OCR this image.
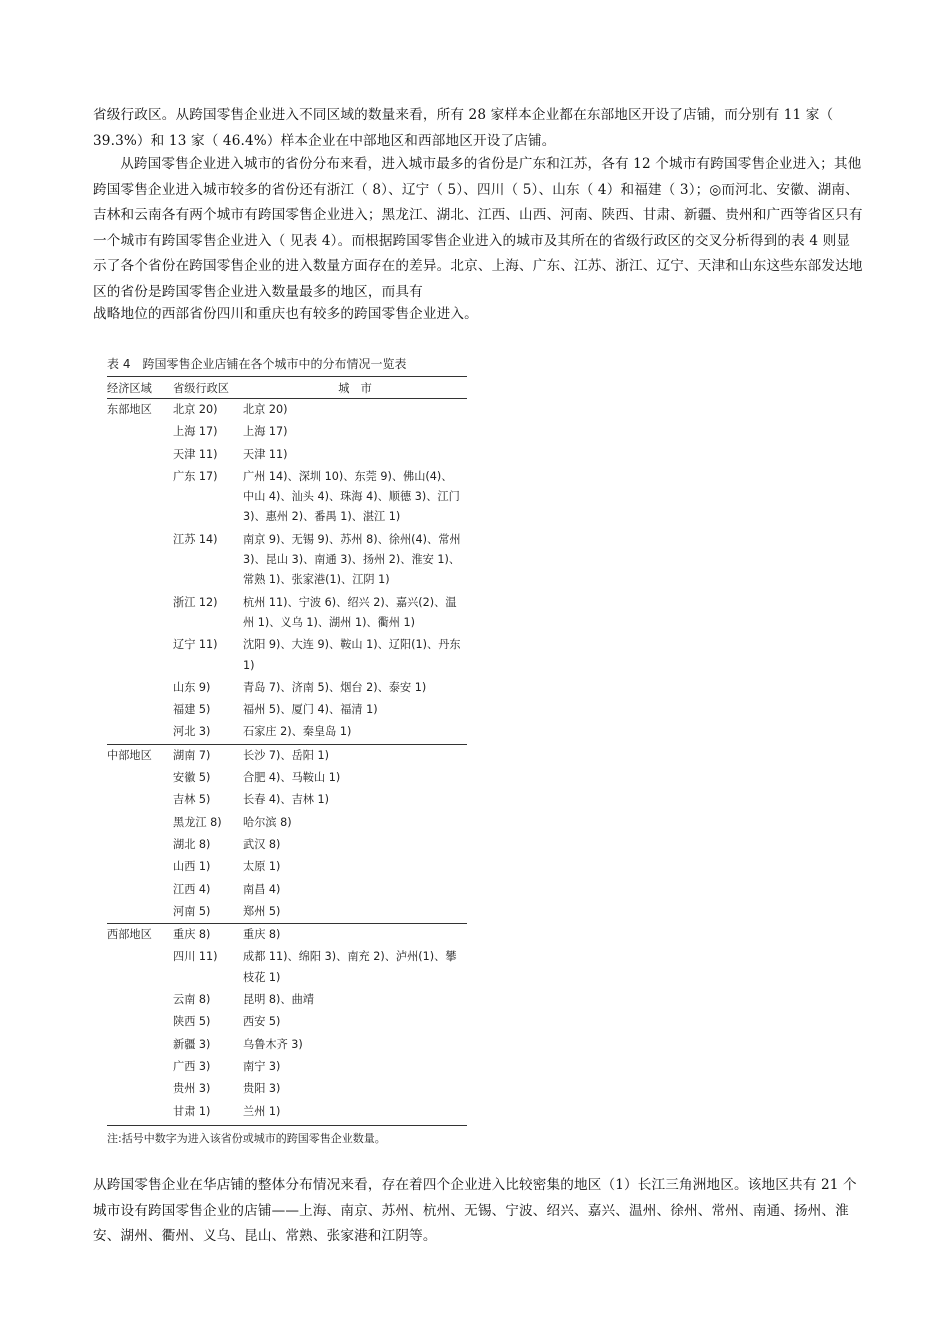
省级行政区。从跨国零售企业进入不同区域的数量来看，所有 28 家样本企业都在东部地区开设了店铺，而分别有 11 家（ 39.3%）和 13 家（ 46.4%）样本企业在中部地区和西部地区开设了店铺。

从跨国零售企业进入城市的省份分布来看，进入城市最多的省份是广东和江苏，各有 12 个城市有跨国零售企业进入；其他跨国零售企业进入城市较多的省份还有浙江（ 8）、辽宁（ 5）、四川（ 5）、山东（ 4）和福建（ 3）；◎而河北、安徽、湖南、吉林和云南各有两个城市有跨国零售企业进入；黑龙江、湖北、江西、山西、河南、陕西、甘肃、新疆、贵州和广西等省区只有一个城市有跨国零售企业进入（ 见表 4）。而根据跨国零售企业进入的城市及其所在的省级行政区的交叉分析得到的表 4 则显示了各个省份在跨国零售企业的进入数量方面存在的差异。北京、上海、广东、江苏、浙江、辽宁、天津和山东这些东部发达地区的省份是跨国零售企业进入数量最多的地区，而具有

战略地位的西部省份四川和重庆也有较多的跨国零售企业进入。

表 4　跨国零售企业店铺在各个城市中的分布情况一览表
经济区域	省级行政区	城　市
东部地区	北京 20)	北京 20)
	上海 17)	上海 17)
	天津 11)	天津 11)
	广东 17)	广州 14)、深圳 10)、东莞 9)、佛山(4)、中山 4)、汕头 4)、珠海 4)、顺德 3)、江门 3)、惠州 2)、番禺 1)、湛江 1)
	江苏 14)	南京 9)、无锡 9)、苏州 8)、徐州(4)、常州 3)、昆山 3)、南通 3)、扬州 2)、淮安 1)、常熟 1)、张家港(1)、江阴 1)
	浙江 12)	杭州 11)、宁波 6)、绍兴 2)、嘉兴(2)、温州 1)、义乌 1)、湖州 1)、衢州 1)
	辽宁 11)	沈阳 9)、大连 9)、鞍山 1)、辽阳(1)、丹东 1)
	山东 9)	青岛 7)、济南 5)、烟台 2)、泰安 1)
	福建 5)	福州 5)、厦门 4)、福清 1)
	河北 3)	石家庄 2)、秦皇岛 1)
中部地区	湖南 7)	长沙 7)、岳阳 1)
	安徽 5)	合肥 4)、马鞍山 1)
	吉林 5)	长春 4)、吉林 1)
	黑龙江 8)	哈尔滨 8)
	湖北 8)	武汉 8)
	山西 1)	太原 1)
	江西 4)	南昌 4)
	河南 5)	郑州 5)
西部地区	重庆 8)	重庆 8)
	四川 11)	成都 11)、绵阳 3)、南充 2)、泸州(1)、攀枝花 1)
	云南 8)	昆明 8)、曲靖
	陕西 5)	西安 5)
	新疆 3)	乌鲁木齐 3)
	广西 3)	南宁 3)
	贵州 3)	贵阳 3)
	甘肃 1)	兰州 1)
注:括号中数字为进入该省份或城市的跨国零售企业数量。

从跨国零售企业在华店铺的整体分布情况来看，存在着四个企业进入比较密集的地区（1）长江三角洲地区。该地区共有 21 个城市设有跨国零售企业的店铺——上海、南京、苏州、杭州、无锡、宁波、绍兴、嘉兴、温州、徐州、常州、南通、扬州、淮安、湖州、衢州、义乌、昆山、常熟、张家港和江阴等。
